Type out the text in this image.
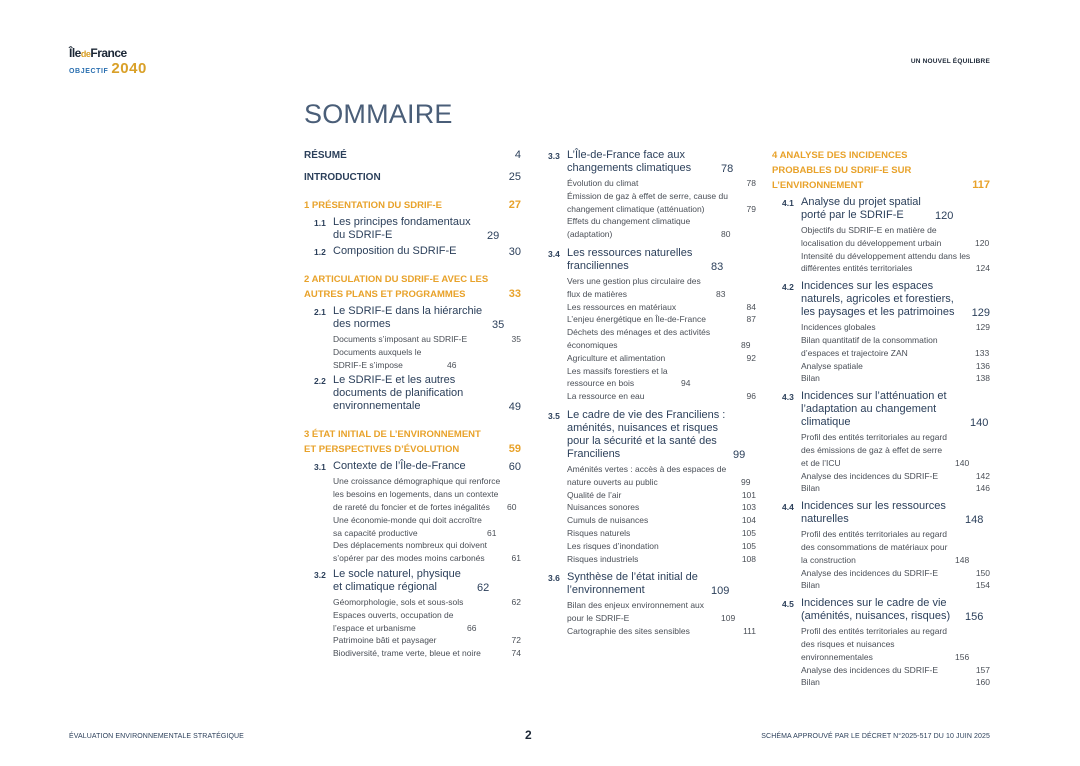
ÎledeFrance
OBJECTIF 2040	UN NOUVEL ÉQUILIBRE
SOMMAIRE
RÉSUMÉ	4
INTRODUCTION	25
1 PRÉSENTATION DU SDRIF-E	27
1.1 Les principes fondamentaux du SDRIF-E	29
1.2 Composition du SDRIF-E	30
2 ARTICULATION DU SDRIF-E AVEC LES AUTRES PLANS ET PROGRAMMES	33
2.1 Le SDRIF-E dans la hiérarchie des normes	35
Documents s’imposant au SDRIF-E	35
Documents auxquels le SDRIF-E s’impose	46
2.2 Le SDRIF-E et les autres documents de planification environnementale	49
3 ÉTAT INITIAL DE L’ENVIRONNEMENT ET PERSPECTIVES D’ÉVOLUTION	59
3.1 Contexte de l’Île-de-France	60
Une croissance démographique qui renforce les besoins en logements, dans un contexte de rareté du foncier et de fortes inégalités	60
Une économie-monde qui doit accroître sa capacité productive	61
Des déplacements nombreux qui doivent s’opérer par des modes moins carbonés	61
3.2 Le socle naturel, physique et climatique régional	62
Géomorphologie, sols et sous-sols	62
Espaces ouverts, occupation de l’espace et urbanisme	66
Patrimoine bâti et paysager	72
Biodiversité, trame verte, bleue et noire	74
3.3 L’Île-de-France face aux changements climatiques	78
Évolution du climat	78
Émission de gaz à effet de serre, cause du changement climatique (atténuation)	79
Effets du changement climatique (adaptation)	80
3.4 Les ressources naturelles franciliennes	83
Vers une gestion plus circulaire des flux de matières	83
Les ressources en matériaux	84
L’enjeu énergétique en Île-de-France	87
Déchets des ménages et des activités économiques	89
Agriculture et alimentation	92
Les massifs forestiers et la ressource en bois	94
La ressource en eau	96
3.5 Le cadre de vie des Franciliens : aménités, nuisances et risques pour la sécurité et la santé des Franciliens	99
Aménités vertes : accès à des espaces de nature ouverts au public	99
Qualité de l’air	101
Nuisances sonores	103
Cumuls de nuisances	104
Risques naturels	105
Les risques d’inondation	105
Risques industriels	108
3.6 Synthèse de l’état initial de l’environnement	109
Bilan des enjeux environnement aux pour le SDRIF-E	109
Cartographie des sites sensibles	111
4 ANALYSE DES INCIDENCES PROBABLES DU SDRIF-E SUR L’ENVIRONNEMENT	117
4.1 Analyse du projet spatial porté par le SDRIF-E	120
Objectifs du SDRIF-E en matière de localisation du développement urbain	120
Intensité du développement attendu dans les différentes entités territoriales	124
4.2 Incidences sur les espaces naturels, agricoles et forestiers, les paysages et les patrimoines	129
Incidences globales	129
Bilan quantitatif de la consommation d’espaces et trajectoire ZAN	133
Analyse spatiale	136
Bilan	138
4.3 Incidences sur l’atténuation et l’adaptation au changement climatique	140
Profil des entités territoriales au regard des émissions de gaz à effet de serre et de l’ICU	140
Analyse des incidences du SDRIF-E	142
Bilan	146
4.4 Incidences sur les ressources naturelles	148
Profil des entités territoriales au regard des consommations de matériaux pour la construction	148
Analyse des incidences du SDRIF-E	150
Bilan	154
4.5 Incidences sur le cadre de vie (aménités, nuisances, risques)	156
Profil des entités territoriales au regard des risques et nuisances environnementales	156
Analyse des incidences du SDRIF-E	157
Bilan	160
ÉVALUATION ENVIRONNEMENTALE STRATÉGIQUE	2	SCHÉMA APPROUVÉ PAR LE DÉCRET N°2025-517 DU 10 JUIN 2025
